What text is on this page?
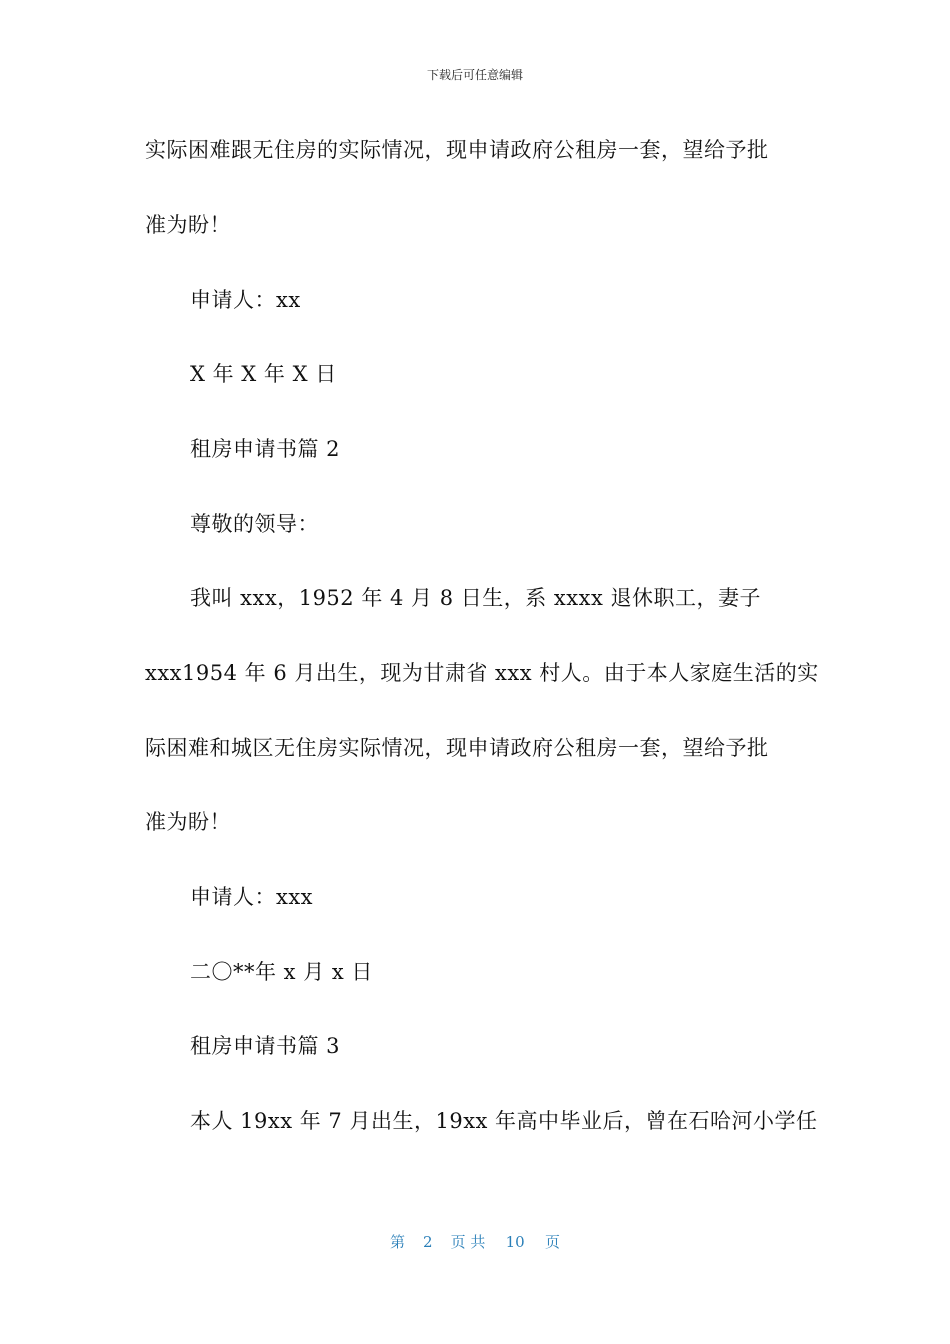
下载后可任意编辑
实际困难跟无住房的实际情况，现申请政府公租房一套，望给予批
准为盼！
申请人：xx
X 年 X 年 X 日
租房申请书篇 2
尊敬的领导：
我叫 xxx，1952 年 4 月 8 日生，系 xxxx 退休职工，妻子
xxx1954 年 6 月出生，现为甘肃省 xxx 村人。由于本人家庭生活的实
际困难和城区无住房实际情况，现申请政府公租房一套，望给予批
准为盼！
申请人：xxx
二〇**年 x 月 x 日
租房申请书篇 3
本人 19xx 年 7 月出生，19xx 年高中毕业后，曾在石哈河小学任
第 2 页 共 10 页
